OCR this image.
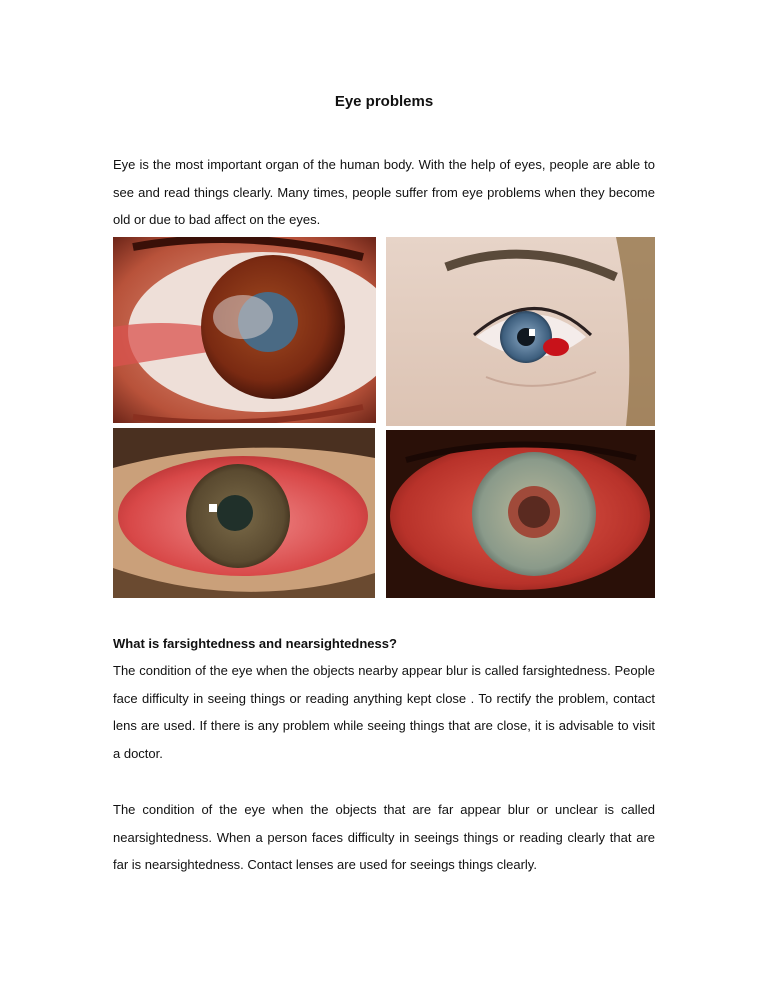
Eye problems
Eye is the most important organ of the human body. With the help of eyes, people are able to see and read things clearly. Many times, people suffer from eye problems when they become old or due to bad affect on the eyes.
What is farsightedness and nearsightedness?
The condition of the eye when the objects nearby appear blur is called farsightedness. People face difficulty in seeing things or reading anything kept close . To rectify the problem, contact lens are used. If there is any problem while seeing things that are close, it is advisable to visit a doctor.
The condition of the eye when the objects that are far appear blur or unclear is called nearsightedness. When a person faces difficulty in seeings things or reading clearly that are far is nearsightedness. Contact lenses are used for seeings things clearly.
